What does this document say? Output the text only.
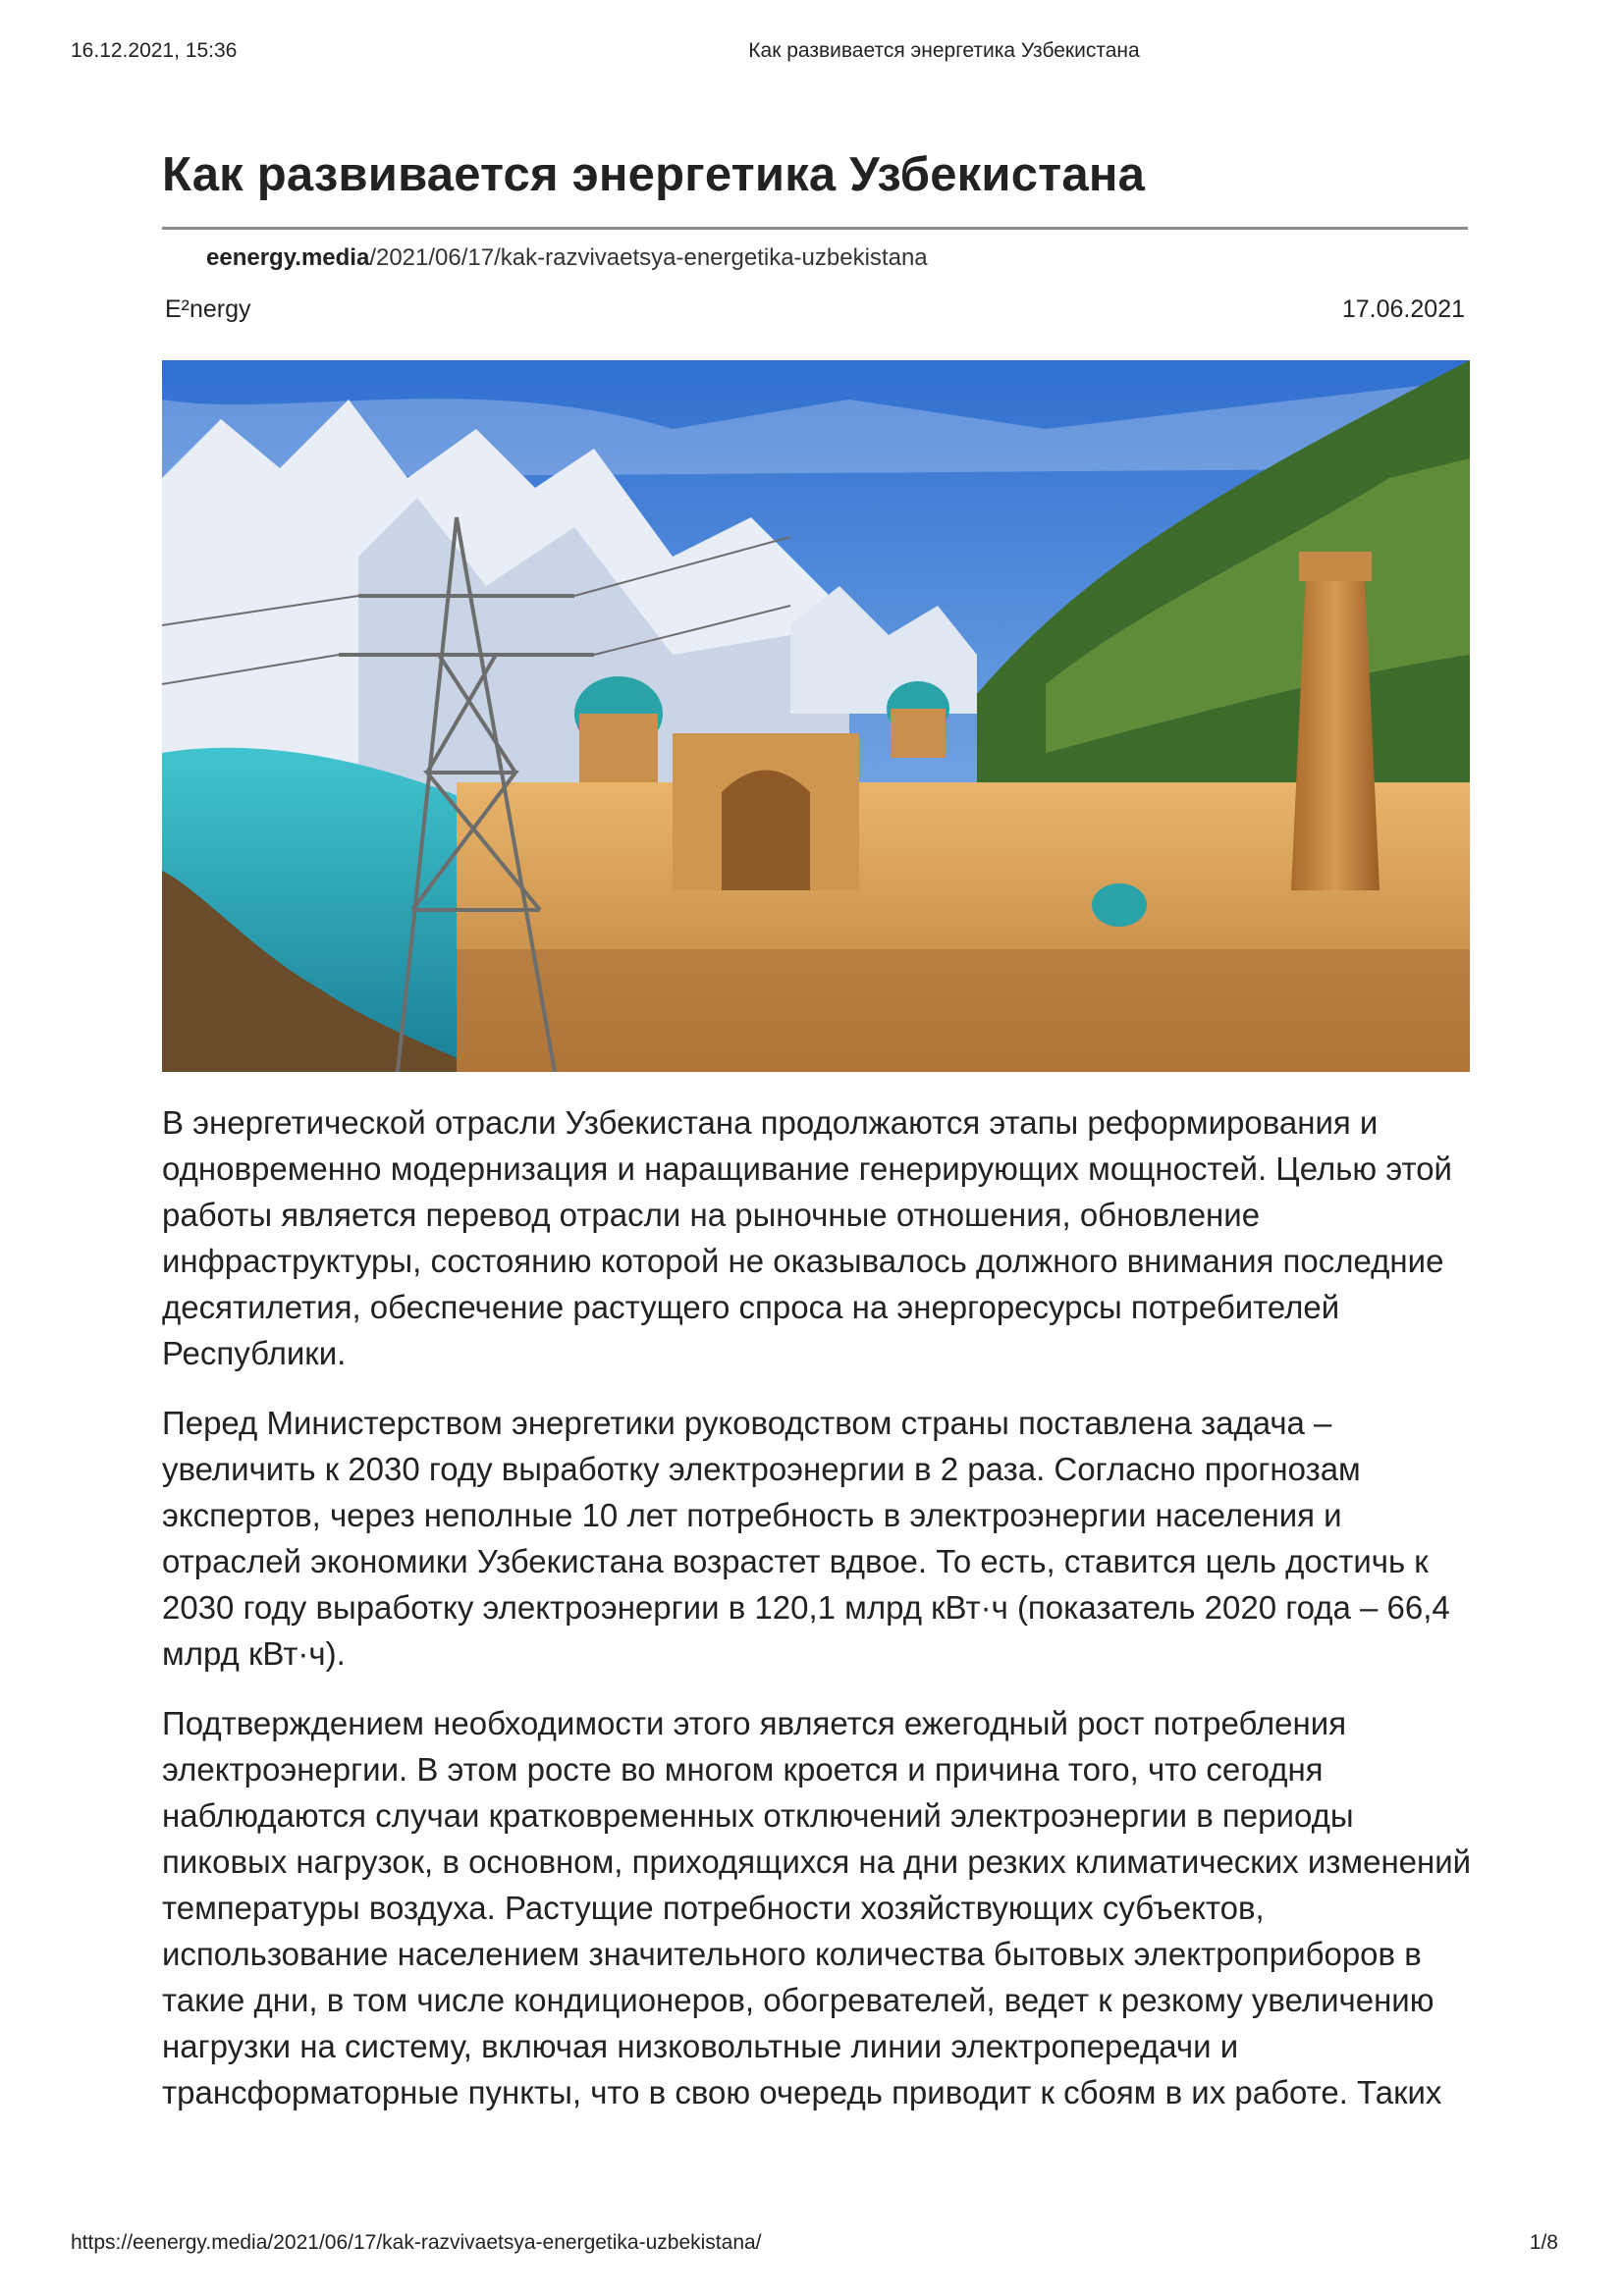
16.12.2021, 15:36	Как развивается энергетика Узбекистана
Как развивается энергетика Узбекистана
eenergy.media/2021/06/17/kak-razvivaetsya-energetika-uzbekistana
E²nergy	17.06.2021

В энергетической отрасли Узбекистана продолжаются этапы реформирования и одновременно модернизация и наращивание генерирующих мощностей. Целью этой работы является перевод отрасли на рыночные отношения, обновление инфраструктуры, состоянию которой не оказывалось должного внимания последние десятилетия, обеспечение растущего спроса на энергоресурсы потребителей Республики.

Перед Министерством энергетики руководством страны поставлена задача – увеличить к 2030 году выработку электроэнергии в 2 раза. Согласно прогнозам экспертов, через неполные 10 лет потребность в электроэнергии населения и отраслей экономики Узбекистана возрастет вдвое. То есть, ставится цель достичь к 2030 году выработку электроэнергии в 120,1 млрд кВт·ч (показатель 2020 года – 66,4 млрд кВт·ч).

Подтверждением необходимости этого является ежегодный рост потребления электроэнергии. В этом росте во многом кроется и причина того, что сегодня наблюдаются случаи кратковременных отключений электроэнергии в периоды пиковых нагрузок, в основном, приходящихся на дни резких климатических изменений температуры воздуха. Растущие потребности хозяйствующих субъектов, использование населением значительного количества бытовых электроприборов в такие дни, в том числе кондиционеров, обогревателей, ведет к резкому увеличению нагрузки на систему, включая низковольтные линии электропередачи и трансформаторные пункты, что в свою очередь приводит к сбоям в их работе. Таких

https://eenergy.media/2021/06/17/kak-razvivaetsya-energetika-uzbekistana/	1/8
